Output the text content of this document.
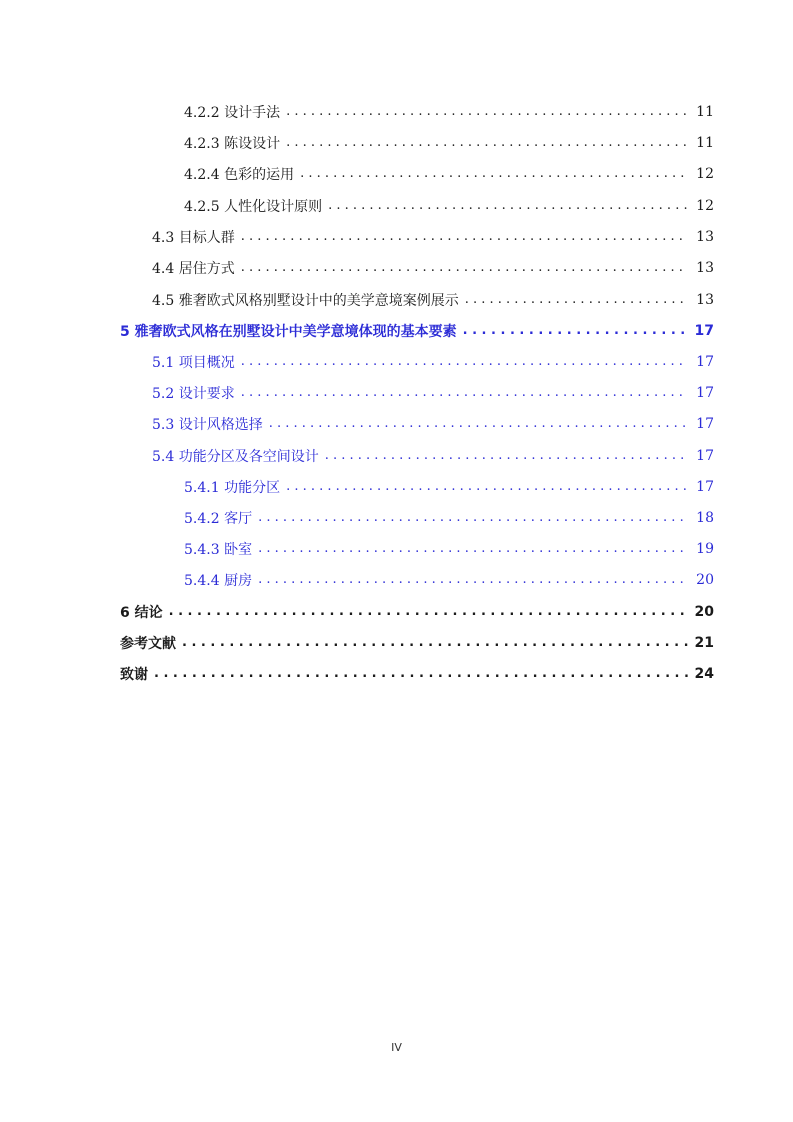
4.2.2 设计手法 . . .	11
4.2.3 陈设设计 . . .	11
4.2.4 色彩的运用 . . .	12
4.2.5 人性化设计原则 . . .	12
4.3 目标人群 . . .	13
4.4 居住方式 . . .	13
4.5 雅奢欧式风格别墅设计中的美学意境案例展示 . . .	13
5 雅奢欧式风格在别墅设计中美学意境体现的基本要素 . . .	17
5.1 项目概况 . . .	17
5.2 设计要求 . . .	17
5.3 设计风格选择 . . .	17
5.4 功能分区及各空间设计 . . .	17
5.4.1 功能分区 . . .	17
5.4.2 客厅 . . .	18
5.4.3 卧室 . . .	19
5.4.4 厨房 . . .	20
6 结论 . . .	20
参考文献 . . .	21
致谢 . . .	24
IV
